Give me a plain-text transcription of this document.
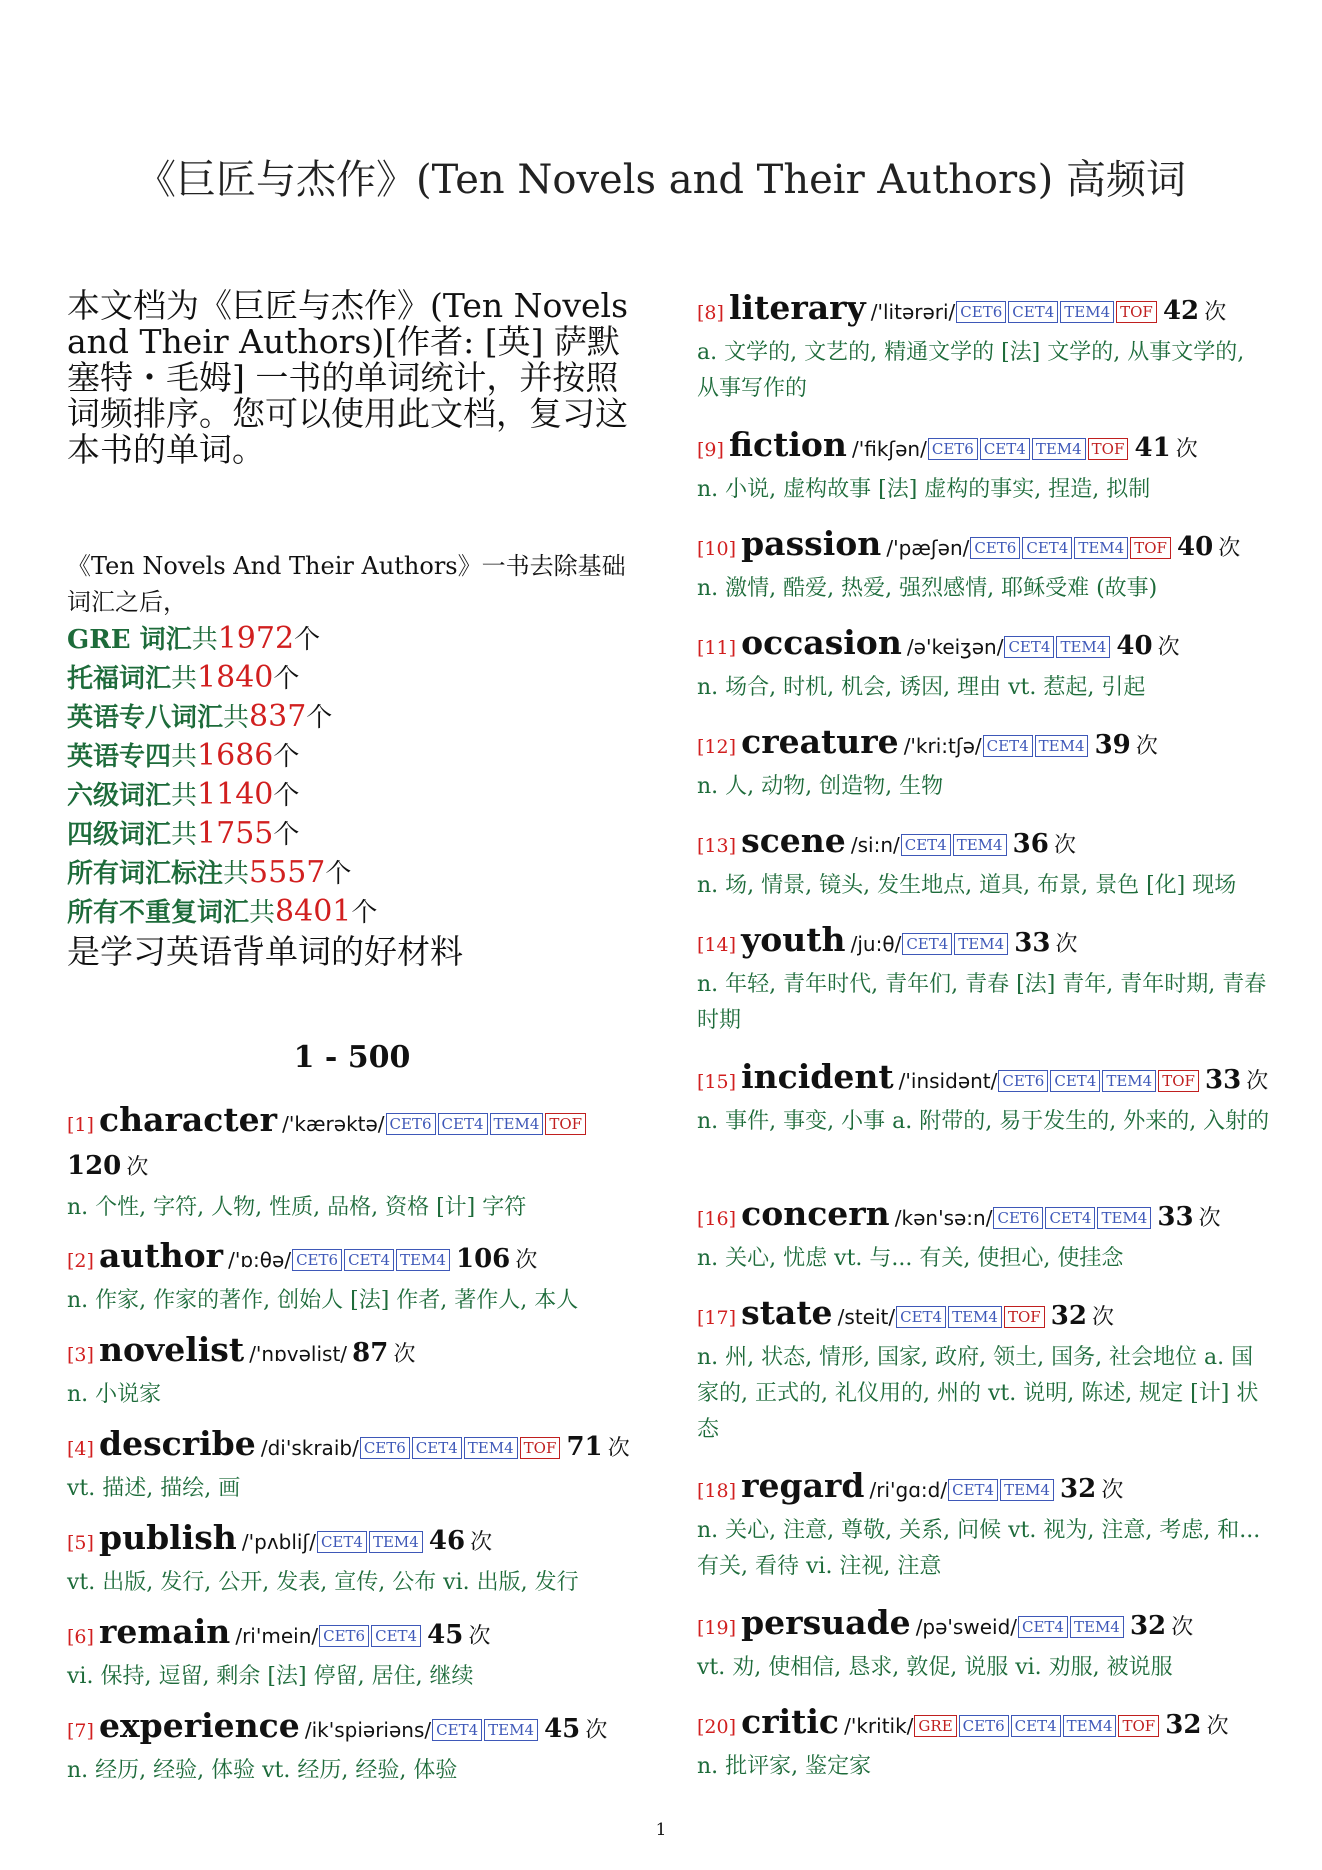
《巨匠与杰作》(Ten Novels and Their Authors) 高频词
本文档为《巨匠与杰作》(Ten Novels and Their Authors)[作者: [英] 萨默塞特・毛姆] 一书的单词统计，并按照词频排序。您可以使用此文档，复习这本书的单词。
《Ten Novels And Their Authors》一书去除基础词汇之后，
GRE 词汇共1972个
托福词汇共1840个
英语专八词汇共837个
英语专四共1686个
六级词汇共1140个
四级词汇共1755个
所有词汇标注共5557个
所有不重复词汇共8401个
是学习英语背单词的好材料
1 - 500
[1] character /'kærəktə/ CET6 CET4 TEM4 TOF 120 次
n. 个性, 字符, 人物, 性质, 品格, 资格 [计] 字符
[2] author /'ɒ:θə/ CET6 CET4 TEM4 106 次
n. 作家, 作家的著作, 创始人 [法] 作者, 著作人, 本人
[3] novelist /'nɒvəlist/ 87 次
n. 小说家
[4] describe /di'skraib/ CET6 CET4 TEM4 TOF 71 次
vt. 描述, 描绘, 画
[5] publish /'pʌbliʃ/ CET4 TEM4 46 次
vt. 出版, 发行, 公开, 发表, 宣传, 公布 vi. 出版, 发行
[6] remain /ri'mein/ CET6 CET4 45 次
vi. 保持, 逗留, 剩余 [法] 停留, 居住, 继续
[7] experience /ik'spiəriəns/ CET4 TEM4 45 次
n. 经历, 经验, 体验 vt. 经历, 经验, 体验
[8] literary /'litərəri/ CET6 CET4 TEM4 TOF 42 次
a. 文学的, 文艺的, 精通文学的 [法] 文学的, 从事文学的, 从事写作的
[9] fiction /'fikʃən/ CET6 CET4 TEM4 TOF 41 次
n. 小说, 虚构故事 [法] 虚构的事实, 捏造, 拟制
[10] passion /'pæʃən/ CET6 CET4 TEM4 TOF 40 次
n. 激情, 酷爱, 热爱, 强烈感情, 耶稣受难 (故事)
[11] occasion /ə'keiʒən/ CET4 TEM4 40 次
n. 场合, 时机, 机会, 诱因, 理由 vt. 惹起, 引起
[12] creature /'kri:tʃə/ CET4 TEM4 39 次
n. 人, 动物, 创造物, 生物
[13] scene /si:n/ CET4 TEM4 36 次
n. 场, 情景, 镜头, 发生地点, 道具, 布景, 景色 [化] 现场
[14] youth /ju:θ/ CET4 TEM4 33 次
n. 年轻, 青年时代, 青年们, 青春 [法] 青年, 青年时期, 青春时期
[15] incident /'insidənt/ CET6 CET4 TEM4 TOF 33 次
n. 事件, 事变, 小事 a. 附带的, 易于发生的, 外来的, 入射的
[16] concern /kən'sə:n/ CET6 CET4 TEM4 33 次
n. 关心, 忧虑 vt. 与... 有关, 使担心, 使挂念
[17] state /steit/ CET4 TEM4 TOF 32 次
n. 州, 状态, 情形, 国家, 政府, 领土, 国务, 社会地位 a. 国家的, 正式的, 礼仪用的, 州的 vt. 说明, 陈述, 规定 [计] 状态
[18] regard /ri'gɑ:d/ CET4 TEM4 32 次
n. 关心, 注意, 尊敬, 关系, 问候 vt. 视为, 注意, 考虑, 和... 有关, 看待 vi. 注视, 注意
[19] persuade /pə'sweid/ CET4 TEM4 32 次
vt. 劝, 使相信, 恳求, 敦促, 说服 vi. 劝服, 被说服
[20] critic /'kritik/ GRE CET6 CET4 TEM4 TOF 32 次
n. 批评家, 鉴定家
1
